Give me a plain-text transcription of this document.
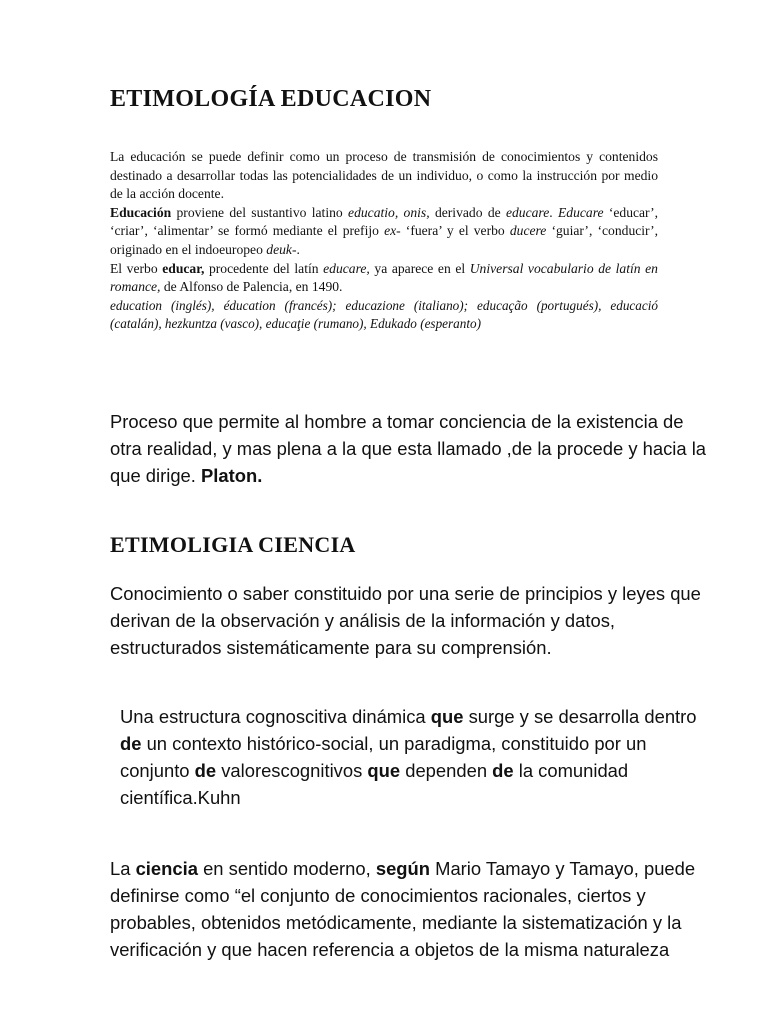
ETIMOLOGÍA EDUCACION

La educación se puede definir como un proceso de transmisión de conocimientos y contenidos destinado a desarrollar todas las potencialidades de un individuo, o como la instrucción por medio de la acción docente.

Educación proviene del sustantivo latino educatio, onis, derivado de educare. Educare ‘educar’, ‘criar’, ‘alimentar’ se formó mediante el prefijo ex- ‘fuera’ y el verbo ducere ‘guiar’, ‘conducir’, originado en el indoeuropeo deuk-.

El verbo educar, procedente del latín educare, ya aparece en el Universal vocabulario de latín en romance, de Alfonso de Palencia, en 1490.

education (inglés), éducation (francés); educazione (italiano); educação (portugués), educació (catalán), hezkuntza (vasco), educaţie (rumano), Edukado (esperanto)

Proceso que permite al hombre a tomar conciencia de la existencia de otra realidad, y mas plena a la que esta llamado ,de la procede y hacia la que dirige. Platon.

ETIMOLIGIA CIENCIA

Conocimiento o saber constituido por una serie de principios y leyes que derivan de la observación y análisis de la información y datos, estructurados sistemáticamente para su comprensión.

Una estructura cognoscitiva dinámica que surge y se desarrolla dentro de un contexto histórico-social, un paradigma, constituido por un
conjunto de valorescognitivos que dependen de la comunidad científica.Kuhn

La ciencia en sentido moderno, según Mario Tamayo y Tamayo, puede definirse como “el conjunto de conocimientos racionales, ciertos y probables, obtenidos metódicamente, mediante la sistematización y la verificación y que hacen referencia a objetos de la misma naturaleza
